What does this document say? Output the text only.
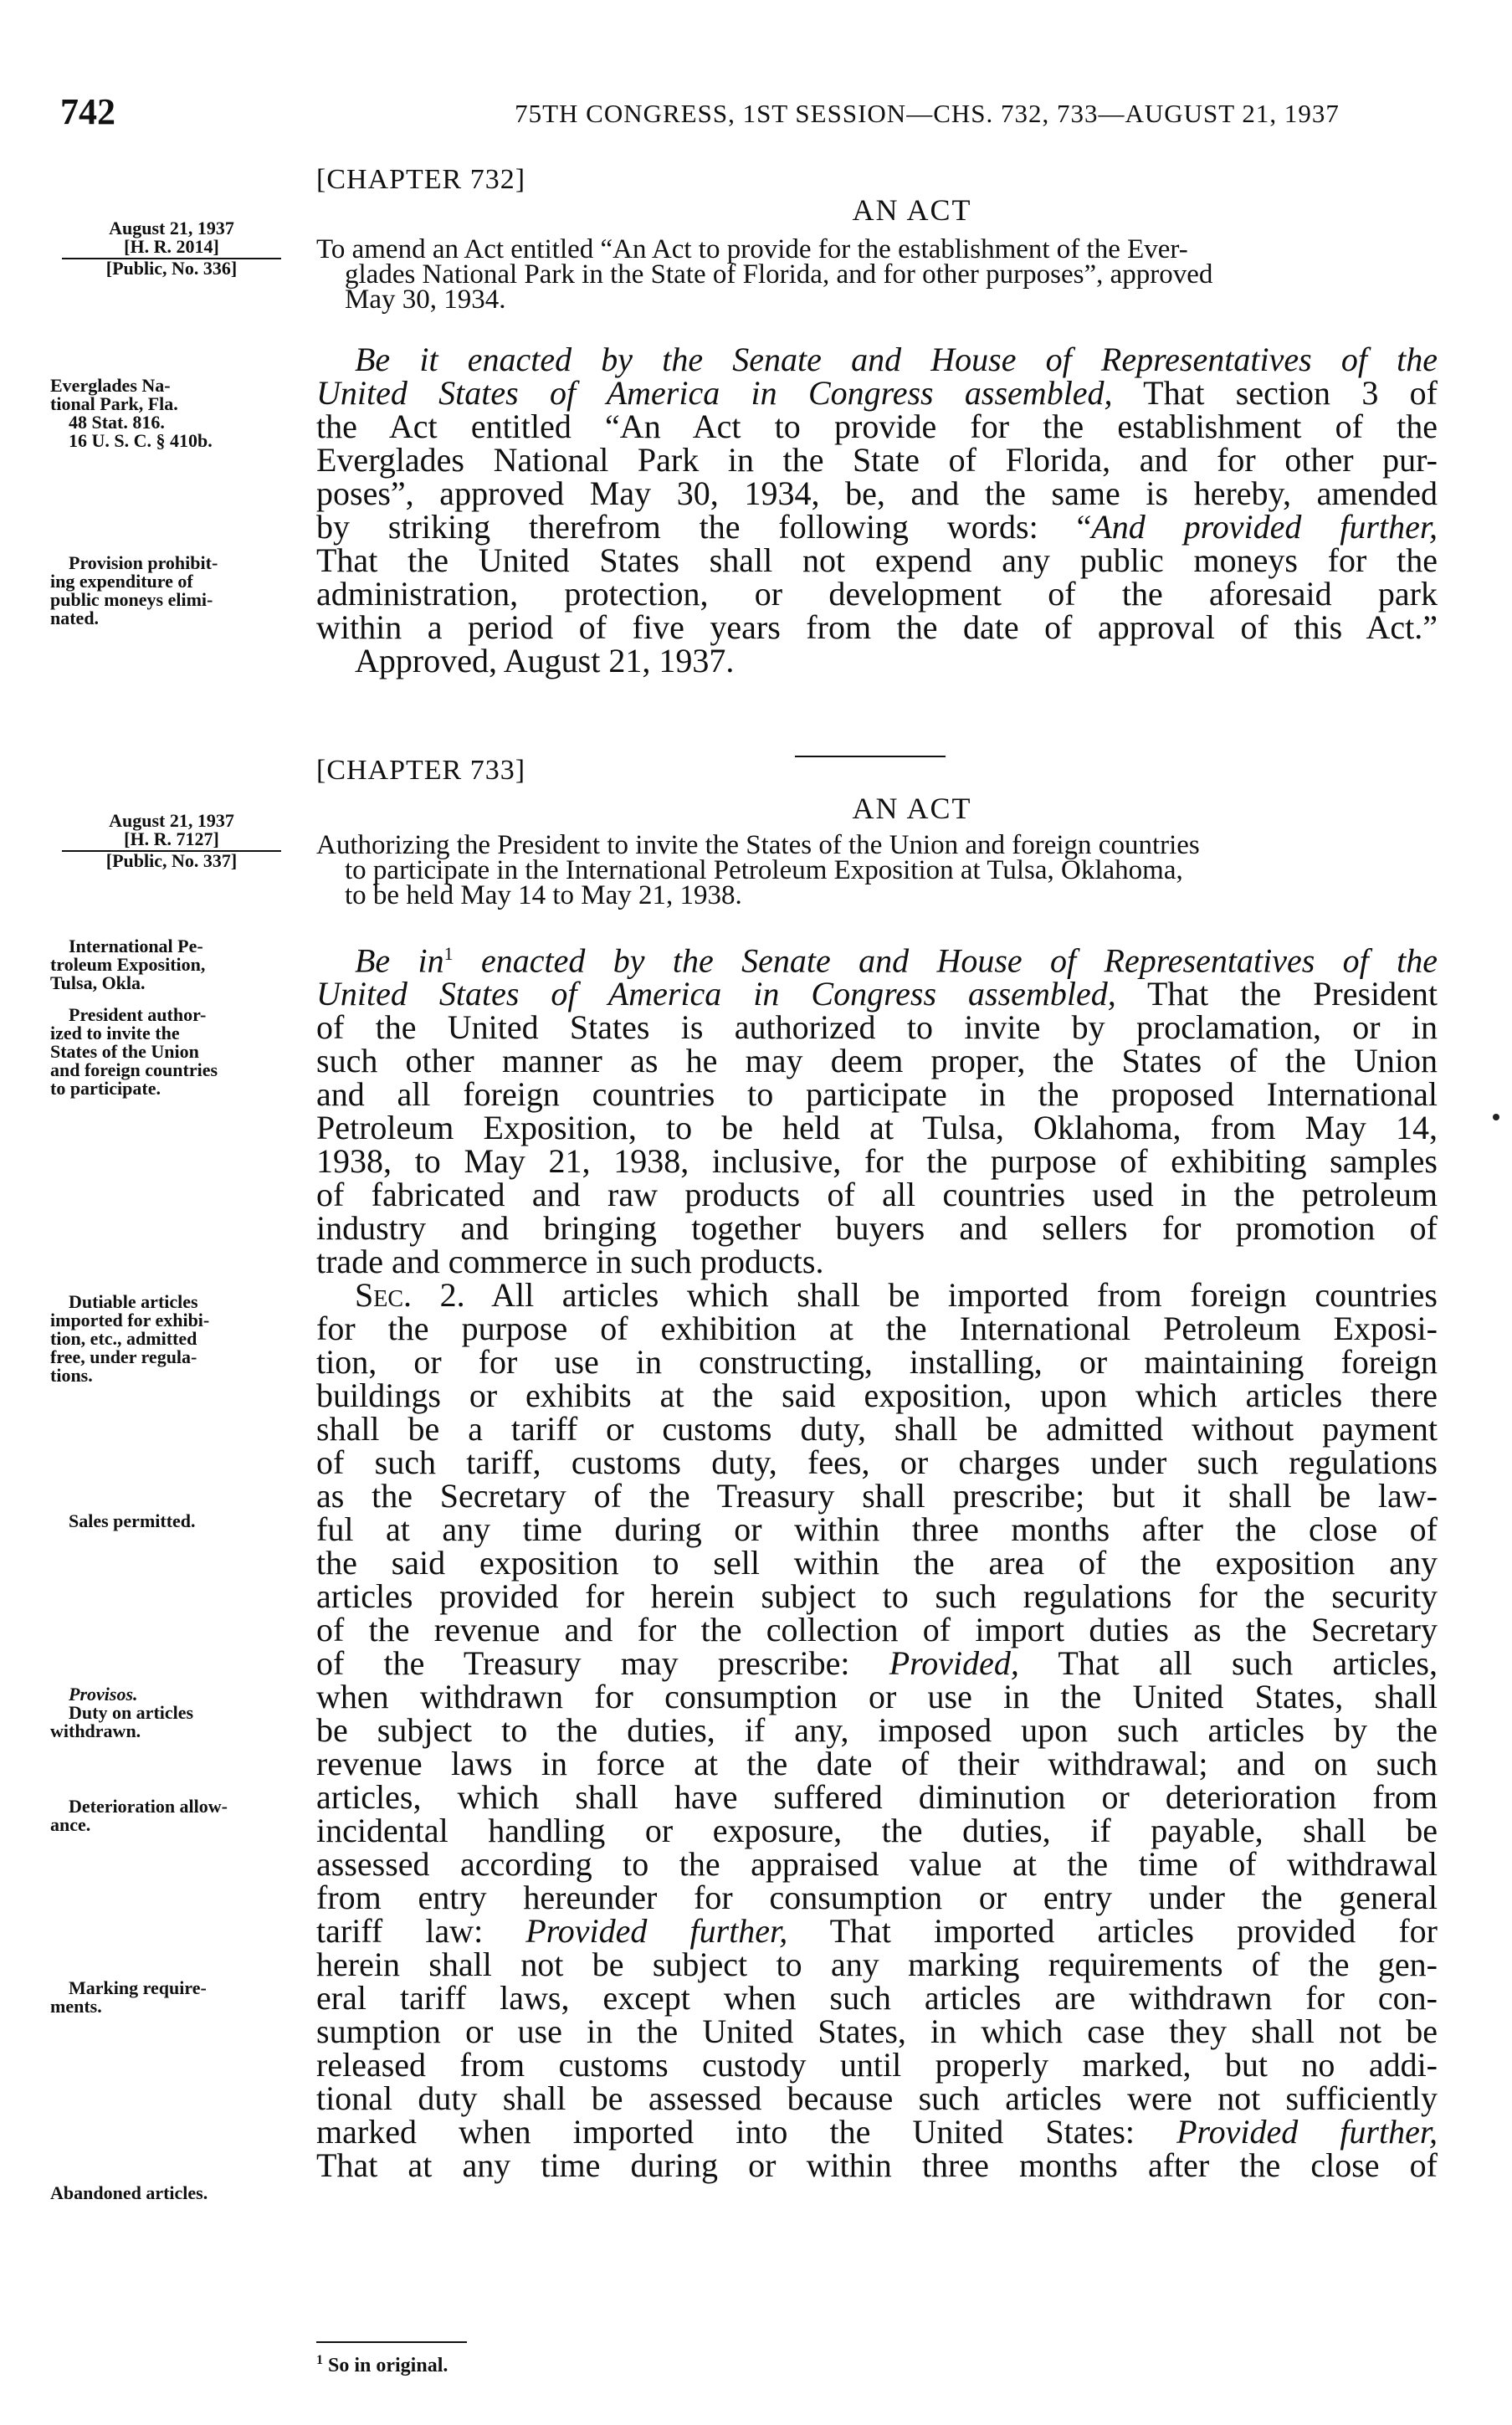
742	75TH CONGRESS, 1ST SESSION—CHS. 732, 733—AUGUST 21, 1937
[CHAPTER 732]
AN ACT
To amend an Act entitled “An Act to provide for the establishment of the Ever-
glades National Park in the State of Florida, and for other purposes”, approved
May 30, 1934.
August 21, 1937
[H. R. 2014]
[Public, No. 336]
Everglades Na-
tional Park, Fla.
48 Stat. 816.
16 U. S. C. § 410b.
Provision prohibit-
ing expenditure of
public moneys elimi-
nated.
Be it enacted by the Senate and House of Representatives of the
United States of America in Congress assembled, That section 3 of
the Act entitled “An Act to provide for the establishment of the
Everglades National Park in the State of Florida, and for other pur-
poses”, approved May 30, 1934, be, and the same is hereby, amended
by striking therefrom the following words: “And provided further,
That the United States shall not expend any public moneys for the
administration, protection, or development of the aforesaid park
within a period of five years from the date of approval of this Act.”
Approved, August 21, 1937.
[CHAPTER 733]
AN ACT
Authorizing the President to invite the States of the Union and foreign countries
to participate in the International Petroleum Exposition at Tulsa, Oklahoma,
to be held May 14 to May 21, 1938.
August 21, 1937
[H. R. 7127]
[Public, No. 337]
International Pe-
troleum Exposition,
Tulsa, Okla.
President author-
ized to invite the
States of the Union
and foreign countries
to participate.
Dutiable articles
imported for exhibi-
tion, etc., admitted
free, under regula-
tions.
Sales permitted.
Provisos.
Duty on articles
withdrawn.
Deterioration allow-
ance.
Marking require-
ments.
Abandoned articles.
Be $in^1$ enacted by the Senate and House of Representatives of the
United States of America in Congress assembled, That the President
of the United States is authorized to invite by proclamation, or in
such other manner as he may deem proper, the States of the Union
and all foreign countries to participate in the proposed International
Petroleum Exposition, to be held at Tulsa, Oklahoma, from May 14,
1938, to May 21, 1938, inclusive, for the purpose of exhibiting samples
of fabricated and raw products of all countries used in the petroleum
industry and bringing together buyers and sellers for promotion of
trade and commerce in such products.
Sec. 2. All articles which shall be imported from foreign countries
for the purpose of exhibition at the International Petroleum Exposi-
tion, or for use in constructing, installing, or maintaining foreign
buildings or exhibits at the said exposition, upon which articles there
shall be a tariff or customs duty, shall be admitted without payment
of such tariff, customs duty, fees, or charges under such regulations
as the Secretary of the Treasury shall prescribe; but it shall be law-
ful at any time during or within three months after the close of
the said exposition to sell within the area of the exposition any
articles provided for herein subject to such regulations for the security
of the revenue and for the collection of import duties as the Secretary
of the Treasury may prescribe: Provided, That all such articles,
when withdrawn for consumption or use in the United States, shall
be subject to the duties, if any, imposed upon such articles by the
revenue laws in force at the date of their withdrawal; and on such
articles, which shall have suffered diminution or deterioration from
incidental handling or exposure, the duties, if payable, shall be
assessed according to the appraised value at the time of withdrawal
from entry hereunder for consumption or entry under the general
tariff law: Provided further, That imported articles provided for
herein shall not be subject to any marking requirements of the gen-
eral tariff laws, except when such articles are withdrawn for con-
sumption or use in the United States, in which case they shall not be
released from customs custody until properly marked, but no addi-
tional duty shall be assessed because such articles were not sufficiently
marked when imported into the United States: Provided further,
That at any time during or within three months after the close of
$^1$ So in original.
